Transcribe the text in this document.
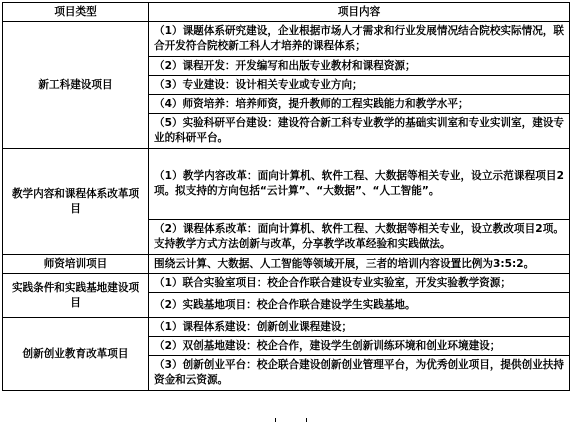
项目类型	项目内容
新工科建设项目	（1）课题体系研究建设，企业根据市场人才需求和行业发展情况结合院校实际情况，联合开发符合院校新工科人才培养的课程体系；
	（2）课程开发：开发编写和出版专业教材和课程资源；
	（3）专业建设：设计相关专业或专业方向；
	（4）师资培养：培养师资，提升教师的工程实践能力和教学水平；
	（5）实验科研平台建设：建设符合新工科专业教学的基础实训室和专业实训室，建设专业的科研平台。
教学内容和课程体系改革项目	（1）教学内容改革：面向计算机、软件工程、大数据等相关专业，设立示范课程项目2项。拟支持的方向包括“云计算”、“大数据”、“人工智能”。
	（2）课程体系改革：面向计算机、软件工程、大数据等相关专业，设立教改项目2项。支持教学方式方法创新与改革，分享教学改革经验和实践做法。
师资培训项目	围绕云计算、大数据、人工智能等领域开展，三者的培训内容设置比例为3:5:2。
实践条件和实践基地建设项目	（1）联合实验室项目：校企合作联合建设专业实验室，开发实验教学资源；
	（2）实践基地项目：校企合作联合建设学生实践基地。
创新创业教育改革项目	（1）课程体系建设：创新创业课程建设；
	（2）双创基地建设：校企合作，建设学生创新训练环境和创业环境建设；
	（3）创新创业平台：校企联合建设创新创业管理平台，为优秀创业项目，提供创业扶持资金和云资源。
